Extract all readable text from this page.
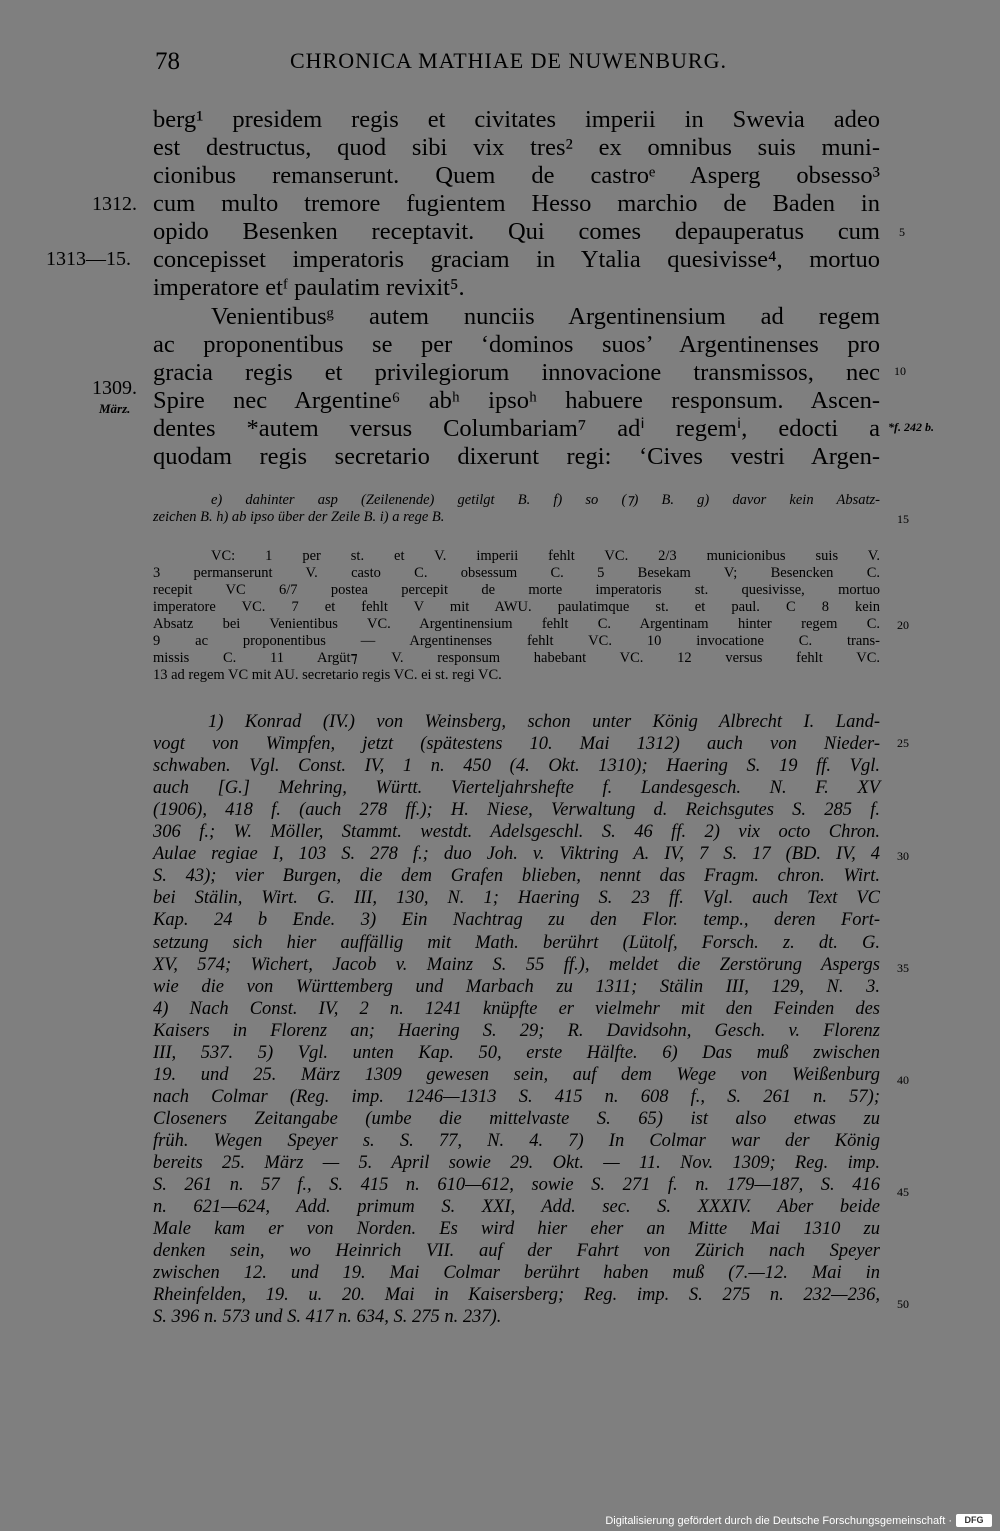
78	CHRONICA MATHIAE DE NUWENBURG.
berg¹ presidem regis et civitates imperii in Swevia adeo
est destructus, quod sibi vix tres² ex omnibus suis muni-
cionibus remanserunt. Quem de castroᵉ Asperg obsesso³
cum multo tremore fugientem Hesso marchio de Baden in
opido Besenken receptavit. Qui comes depauperatus cum
concepisset imperatoris graciam in Ytalia quesivisse⁴, mortuo
imperatore etᶠ paulatim revixit⁵.
Venientibusᵍ autem nunciis Argentinensium ad regem
ac proponentibus se per ‘dominos suos’ Argentinenses pro
gracia regis et privilegiorum innovacione transmissos, nec
Spire nec Argentine⁶ abʰ ipsoʰ habuere responsum. Ascen-
dentes *autem versus Columbariam⁷ adⁱ regemⁱ, edocti a
quodam regis secretario dixerunt regi: ‘Cives vestri Argen-
1312.
1313—15.
1309.
März.
5
10
*f. 242 b.
15
20
25
30
35
40
45
50
e) dahinter asp (Zeilenende) getilgt B. f) so (⁊) B. g) davor kein Absatz-
zeichen B. h) ab ipso über der Zeile B. i) a rege B.
VC: 1 per st. et V. imperii fehlt VC. 2/3 municionibus suis V.
3 permanserunt V. casto C. obsessum C. 5 Besekam V; Besencken C.
recepit VC 6/7 postea percepit de morte imperatoris st. quesivisse, mortuo
imperatore VC. 7 et fehlt V mit AWU. paulatimque st. et paul. C 8 kein
Absatz bei Venientibus VC. Argentinensium fehlt C. Argentinam hinter regem C.
9 ac proponentibus — Argentinenses fehlt VC. 10 invocatione C. trans-
missis C. 11 Argüt⁊ V. responsum habebant VC. 12 versus fehlt VC.
13 ad regem VC mit AU. secretario regis VC. ei st. regi VC.
1) Konrad (IV.) von Weinsberg, schon unter König Albrecht I. Land-
vogt von Wimpfen, jetzt (spätestens 10. Mai 1312) auch von Nieder-
schwaben. Vgl. Const. IV, 1 n. 450 (4. Okt. 1310); Haering S. 19 ff. Vgl.
auch [G.] Mehring, Württ. Vierteljahrshefte f. Landesgesch. N. F. XV
(1906), 418 f. (auch 278 ff.); H. Niese, Verwaltung d. Reichsgutes S. 285 f.
306 f.; W. Möller, Stammt. westdt. Adelsgeschl. S. 46 ff. 2) vix octo Chron.
Aulae regiae I, 103 S. 278 f.; duo Joh. v. Viktring A. IV, 7 S. 17 (BD. IV, 4
S. 43); vier Burgen, die dem Grafen blieben, nennt das Fragm. chron. Wirt.
bei Stälin, Wirt. G. III, 130, N. 1; Haering S. 23 ff. Vgl. auch Text VC
Kap. 24 b Ende. 3) Ein Nachtrag zu den Flor. temp., deren Fort-
setzung sich hier auffällig mit Math. berührt (Lütolf, Forsch. z. dt. G.
XV, 574; Wichert, Jacob v. Mainz S. 55 ff.), meldet die Zerstörung Aspergs
wie die von Württemberg und Marbach zu 1311; Stälin III, 129, N. 3.
4) Nach Const. IV, 2 n. 1241 knüpfte er vielmehr mit den Feinden des
Kaisers in Florenz an; Haering S. 29; R. Davidsohn, Gesch. v. Florenz
III, 537. 5) Vgl. unten Kap. 50, erste Hälfte. 6) Das muß zwischen
19. und 25. März 1309 gewesen sein, auf dem Wege von Weißenburg
nach Colmar (Reg. imp. 1246—1313 S. 415 n. 608 f., S. 261 n. 57);
Closeners Zeitangabe (umbe die mittelvaste S. 65) ist also etwas zu
früh. Wegen Speyer s. S. 77, N. 4. 7) In Colmar war der König
bereits 25. März — 5. April sowie 29. Okt. — 11. Nov. 1309; Reg. imp.
S. 261 n. 57 f., S. 415 n. 610—612, sowie S. 271 f. n. 179—187, S. 416
n. 621—624, Add. primum S. XXI, Add. sec. S. XXXIV. Aber beide
Male kam er von Norden. Es wird hier eher an Mitte Mai 1310 zu
denken sein, wo Heinrich VII. auf der Fahrt von Zürich nach Speyer
zwischen 12. und 19. Mai Colmar berührt haben muß (7.—12. Mai in
Rheinfelden, 19. u. 20. Mai in Kaisersberg; Reg. imp. S. 275 n. 232—236,
S. 396 n. 573 und S. 417 n. 634, S. 275 n. 237).
Digitalisierung gefördert durch die Deutsche Forschungsgemeinschaft ·	DFG
